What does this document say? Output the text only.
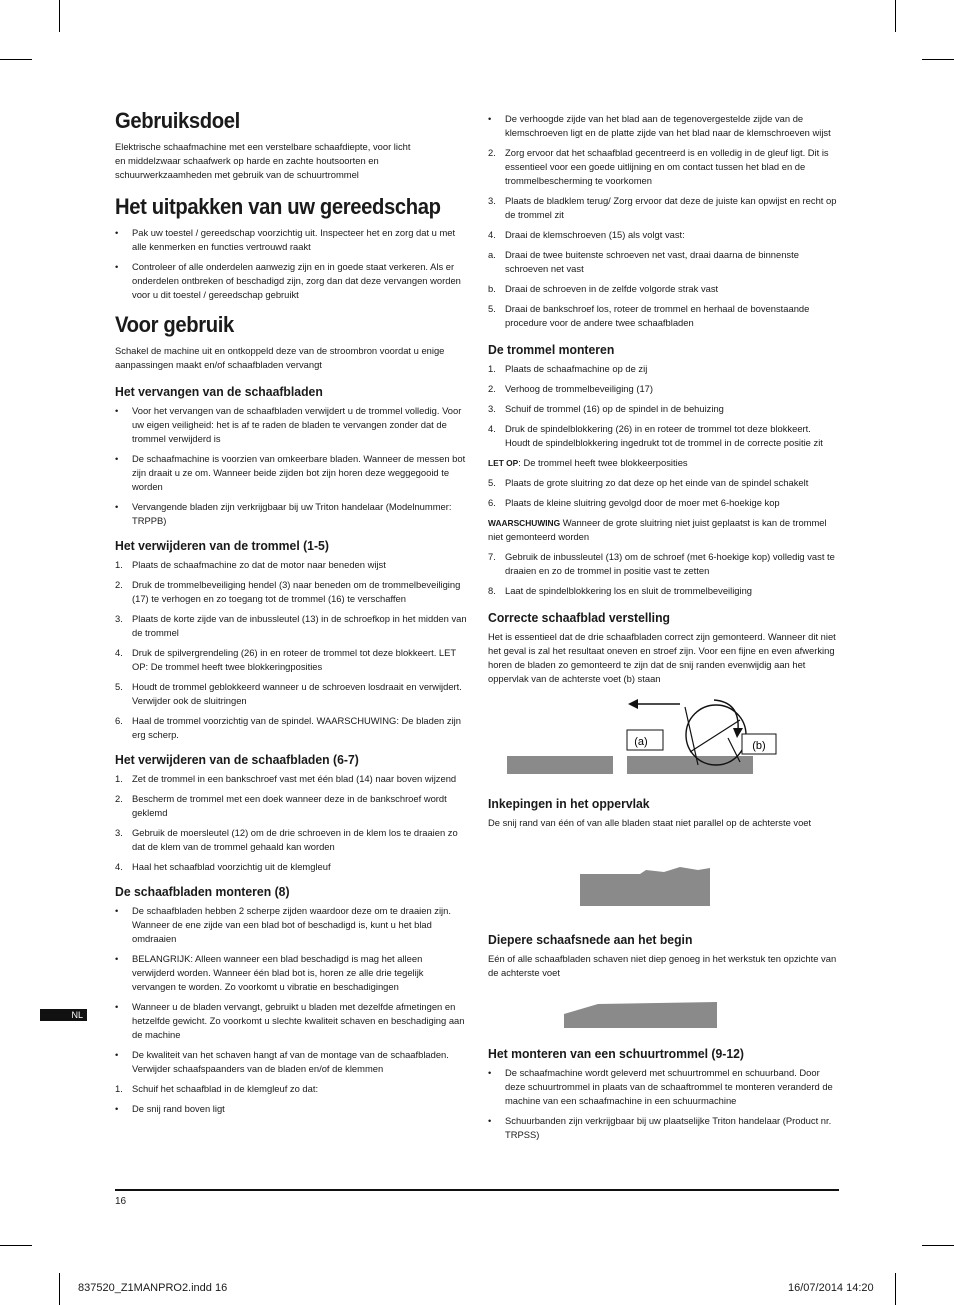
Gebruiksdoel

Elektrische schaafmachine met een verstelbare schaafdiepte, voor licht en middelzwaar schaafwerk op harde en zachte houtsoorten en schuurwerkzaamheden met gebruik van de schuurtrommel

Het uitpakken van uw gereedschap
• Pak uw toestel / gereedschap voorzichtig uit. Inspecteer het en zorg dat u met alle kenmerken en functies vertrouwd raakt
• Controleer of alle onderdelen aanwezig zijn en in goede staat verkeren. Als er onderdelen ontbreken of beschadigd zijn, zorg dan dat deze vervangen worden voor u dit toestel / gereedschap gebruikt
Voor gebruik

Schakel de machine uit en ontkoppeld deze van de stroombron voordat u enige aanpassingen maakt en/of schaafbladen vervangt

Het vervangen van de schaafbladen
• Voor het vervangen van de schaafbladen verwijdert u de trommel volledig. Voor uw eigen veiligheid: het is af te raden de bladen te vervangen zonder dat de trommel verwijderd is
• De schaafmachine is voorzien van omkeerbare bladen. Wanneer de messen bot zijn draait u ze om. Wanneer beide zijden bot zijn horen deze weggegooid te worden
• Vervangende bladen zijn verkrijgbaar bij uw Triton handelaar (Modelnummer: TRPPB)
Het verwijderen van de trommel (1-5)
1. Plaats de schaafmachine zo dat de motor naar beneden wijst
2. Druk de trommelbeveiliging hendel (3) naar beneden om de trommelbeveiliging (17) te verhogen en zo toegang tot de trommel (16) te verschaffen
3. Plaats de korte zijde van de inbussleutel (13) in de schroefkop in het midden van de trommel
4. Druk de spilvergrendeling (26) in en roteer de trommel tot deze blokkeert. LET OP: De trommel heeft twee blokkeringposities
5. Houdt de trommel geblokkeerd wanneer u de schroeven losdraait en verwijdert. Verwijder ook de sluitringen
6. Haal de trommel voorzichtig van de spindel. WAARSCHUWING: De bladen zijn erg scherp.
Het verwijderen van de schaafbladen (6-7)
1. Zet de trommel in een bankschroef vast met één blad (14) naar boven wijzend
2. Bescherm de trommel met een doek wanneer deze in de bankschroef wordt geklemd
3. Gebruik de moersleutel (12) om de drie schroeven in de klem los te draaien zo dat de klem van de trommel gehaald kan worden
4. Haal het schaafblad voorzichtig uit de klemgleuf
De schaafbladen monteren (8)
• De schaafbladen hebben 2 scherpe zijden waardoor deze om te draaien zijn. Wanneer de ene zijde van een blad bot of beschadigd is, kunt u het blad omdraaien
• BELANGRIJK: Alleen wanneer een blad beschadigd is mag het alleen verwijderd worden. Wanneer één blad bot is, horen ze alle drie tegelijk vervangen te worden. Zo voorkomt u vibratie en beschadigingen
• Wanneer u de bladen vervangt, gebruikt u bladen met dezelfde afmetingen en hetzelfde gewicht. Zo voorkomt u slechte kwaliteit schaven en beschadiging aan de machine
• De kwaliteit van het schaven hangt af van de montage van de schaafbladen. Verwijder schaafspaanders van de bladen en/of de klemmen
1. Schuif het schaafblad in de klemgleuf zo dat:
• De snij rand boven ligt
• De verhoogde zijde van het blad aan de tegenovergestelde zijde van de klemschroeven ligt en de platte zijde van het blad naar de klemschroeven wijst
2. Zorg ervoor dat het schaafblad gecentreerd is en volledig in de gleuf ligt. Dit is essentieel voor een goede uitlijning en om contact tussen het blad en de trommelbescherming te voorkomen
3. Plaats de bladklem terug/ Zorg ervoor dat deze de juiste kan opwijst en recht op de trommel zit
4. Draai de klemschroeven (15) als volgt vast:
a. Draai de twee buitenste schroeven net vast, draai daarna de binnenste schroeven net vast
b. Draai de schroeven in de zelfde volgorde strak vast
5. Draai de bankschroef los, roteer de trommel en herhaal de bovenstaande procedure voor de andere twee schaafbladen
De trommel monteren
1. Plaats de schaafmachine op de zij
2. Verhoog de trommelbeveiliging (17)
3. Schuif de trommel (16) op de spindel in de behuizing
4. Druk de spindelblokkering (26) in en roteer de trommel tot deze blokkeert. Houdt de spindelblokkering ingedrukt tot de trommel in de correcte positie zit

LET OP: De trommel heeft twee blokkeerposities

5. Plaats de grote sluitring zo dat deze op het einde van de spindel schakelt
6. Plaats de kleine sluitring gevolgd door de moer met 6-hoekige kop

WAARSCHUWING Wanneer de grote sluitring niet juist geplaatst is kan de trommel niet gemonteerd worden

7. Gebruik de inbussleutel (13) om de schroef (met 6-hoekige kop) volledig vast te draaien en zo de trommel in positie vast te zetten
8. Laat de spindelblokkering los en sluit de trommelbeveiliging
Correcte schaafblad verstelling

Het is essentieel dat de drie schaafbladen correct zijn gemonteerd. Wanneer dit niet het geval is zal het resultaat oneven en stroef zijn. Voor een fijne en even afwerking horen de bladen zo gemonteerd te zijn dat de snij randen evenwijdig aan het oppervlak van de achterste voet (b) staan

(a)	(b)
Inkepingen in het oppervlak

De snij rand van één of van alle bladen staat niet parallel op de achterste voet

Diepere schaafsnede aan het begin

Eén of alle schaafbladen schaven niet diep genoeg in het werkstuk ten opzichte van de achterste voet

Het monteren van een schuurtrommel (9-12)
• De schaafmachine wordt geleverd met schuurtrommel en schuurband. Door deze schuurtrommel in plaats van de schaaftrommel te monteren veranderd de machine van een schaafmachine in een schuurmachine
• Schuurbanden zijn verkrijgbaar bij uw plaatselijke Triton handelaar (Product nr. TRPSS)
NL
16
837520_Z1MANPRO2.indd 16	16/07/2014 14:20
